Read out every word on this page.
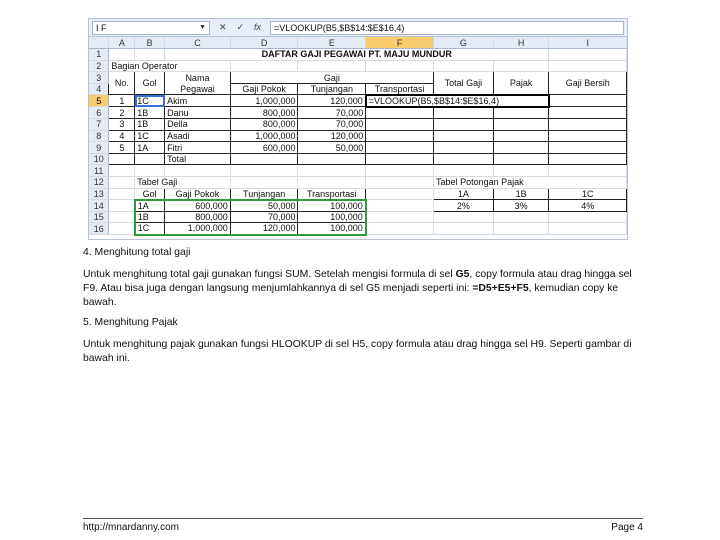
I F	▼ ✕ ✓ fx	=VLOOKUP(B5,$B$14:$E$16,4)
	A	B	C	D	E	F	G	H	I
1			DAFTAR GAJI PEGAWAI PT. MAJU MUNDUR						
2	Bagian Operator								
3	No.	Gol	Nama	Gaji			Total Gaji	Pajak	Gaji Bersih
4			Pegawai	Gaji Pokok	Tunjangan	Transportasi			
5	1	1C	Akim	1,000,000	120,000	=VLOOKUP(B5,$B$14:$E$16,4)			
6	2	1B	Danu	800,000	70,000				
7	3	1B	Della	800,000	70,000				
8	4	1C	Asadi	1,000,000	120,000				
9	5	1A	Fitri	600,000	50,000				
10			Total						
11									
12		Tabel Gaji					Tabel Potongan Pajak		
13		Gol	Gaji Pokok	Tunjangan	Transportasi		1A	1B	1C
14		1A	600,000	50,000	100,000		2%	3%	4%
15		1B	800,000	70,000	100,000				
16		1C	1,000,000	120,000	100,000				

4. Menghitung total gaji

Untuk menghitung total gaji gunakan fungsi SUM. Setelah mengisi formula di sel G5, copy formula atau drag hingga sel F9. Atau bisa juga dengan langsung menjumlahkannya di sel G5 menjadi seperti ini: =D5+E5+F5, kemudian copy ke bawah.

5. Menghitung Pajak

Untuk menghitung pajak gunakan fungsi HLOOKUP di sel H5, copy formula atau drag hingga sel H9. Seperti gambar di bawah ini.

http://mnardanny.com	Page 4
